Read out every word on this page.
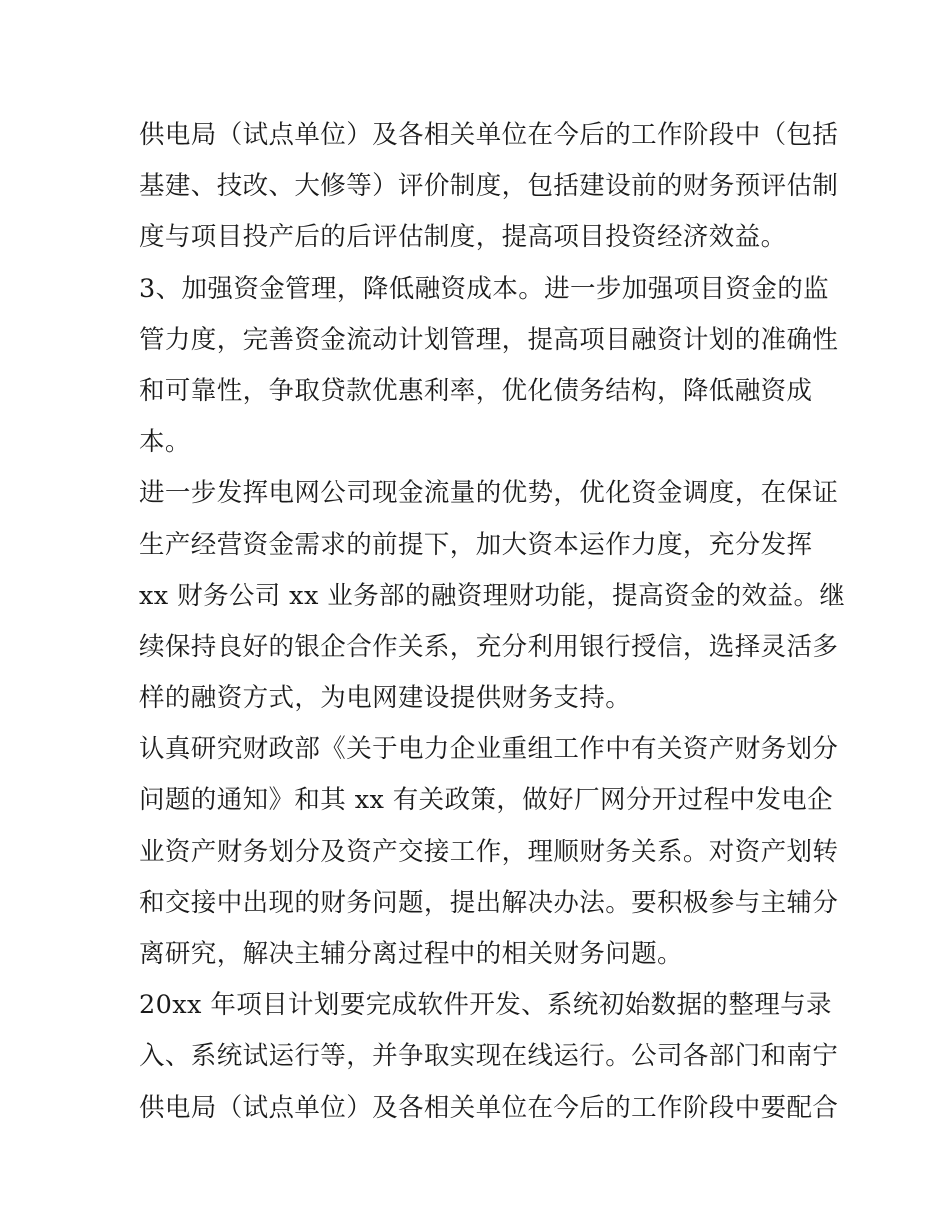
供电局（试点单位）及各相关单位在今后的工作阶段中（包括
基建、技改、大修等）评价制度，包括建设前的财务预评估制
度与项目投产后的后评估制度，提高项目投资经济效益。
3、加强资金管理，降低融资成本。进一步加强项目资金的监
管力度，完善资金流动计划管理，提高项目融资计划的准确性
和可靠性，争取贷款优惠利率，优化债务结构，降低融资成
本。
进一步发挥电网公司现金流量的优势，优化资金调度，在保证
生产经营资金需求的前提下，加大资本运作力度，充分发挥
xx 财务公司 xx 业务部的融资理财功能，提高资金的效益。继
续保持良好的银企合作关系，充分利用银行授信，选择灵活多
样的融资方式，为电网建设提供财务支持。
认真研究财政部《关于电力企业重组工作中有关资产财务划分
问题的通知》和其 xx 有关政策，做好厂网分开过程中发电企
业资产财务划分及资产交接工作，理顺财务关系。对资产划转
和交接中出现的财务问题，提出解决办法。要积极参与主辅分
离研究，解决主辅分离过程中的相关财务问题。
20xx 年项目计划要完成软件开发、系统初始数据的整理与录
入、系统试运行等，并争取实现在线运行。公司各部门和南宁
供电局（试点单位）及各相关单位在今后的工作阶段中要配合
